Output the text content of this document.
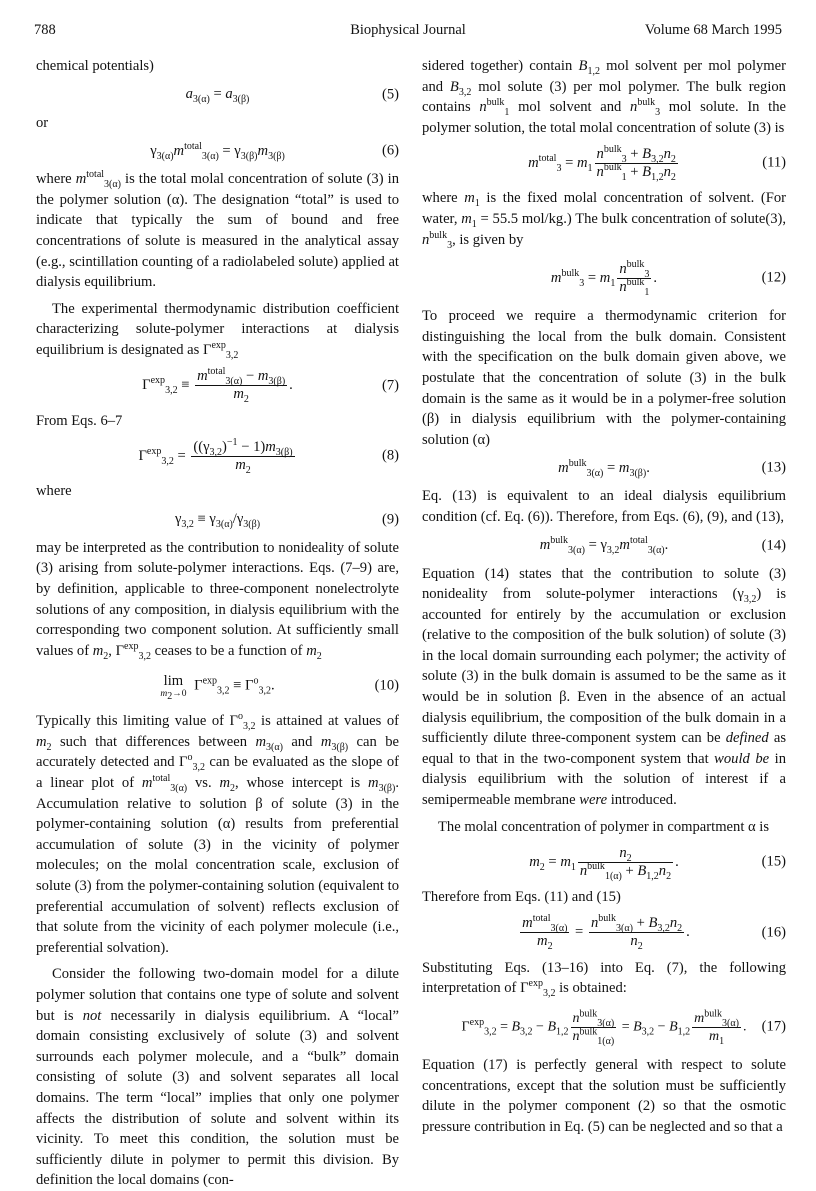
788	Biophysical Journal	Volume 68 March 1995

chemical potentials)

$a_{3(\alpha)} = a_{3(\beta)}$	(5)

or

$\gamma_{3(\alpha)}m^{total}_{3(\alpha)} = \gamma_{3(\beta)}m_{3(\beta)}$	(6)

where $m^{total}_{3(\alpha)}$ is the total molal concentration of solute (3) in the polymer solution (α). The designation “total” is used to indicate that typically the sum of bound and free concentrations of solute is measured in the analytical assay (e.g., scintillation counting of a radiolabeled solute) applied at dialysis equilibrium.

The experimental thermodynamic distribution coefficient characterizing solute-polymer interactions at dialysis equilibrium is designated as $\Gamma^{exp}_{3,2}$

$\Gamma^{exp}_{3,2} \equiv \frac{m^{total}_{3(\alpha)} - m_{3(\beta)}}{m_2}$ .	(7)

From Eqs. 6–7

$\Gamma^{exp}_{3,2} = \frac{((\gamma_{3,2})^{-1} - 1)m_{3(\beta)}}{m_2}$	(8)

where

$\gamma_{3,2} \equiv \gamma_{3(\alpha)}/\gamma_{3(\beta)}$	(9)

may be interpreted as the contribution to nonideality of solute (3) arising from solute-polymer interactions. Eqs. (7–9) are, by definition, applicable to three-component nonelectrolyte solutions of any composition, in dialysis equilibrium with the corresponding two component solution. At sufficiently small values of $m_2$, $\Gamma^{exp}_{3,2}$ ceases to be a function of $m_2$

lim
$m_2\to 0$
$\Gamma^{exp}_{3,2} \equiv \Gamma^o_{3,2}$.	(10)

Typically this limiting value of $\Gamma^o_{3,2}$ is attained at values of $m_2$ such that differences between $m_{3(\alpha)}$ and $m_{3(\beta)}$ can be accurately detected and $\Gamma^o_{3,2}$ can be evaluated as the slope of a linear plot of $m^{total}_{3(\alpha)}$ vs. $m_2$, whose intercept is $m_{3(\beta)}$. Accumulation relative to solution β of solute (3) in the polymer-containing solution (α) results from preferential accumulation of solute (3) in the vicinity of polymer molecules; on the molal concentration scale, exclusion of solute (3) from the polymer-containing solution (equivalent to preferential accumulation of solvent) reflects exclusion of that solute from the vicinity of each polymer molecule (i.e., preferential solvation).

Consider the following two-domain model for a dilute polymer solution that contains one type of solute and solvent but is not necessarily in dialysis equilibrium. A “local” domain consisting exclusively of solute (3) and solvent surrounds each polymer molecule, and a “bulk” domain consisting of solute (3) and solvent separates all local domains. The term “local” implies that only one polymer affects the distribution of solute and solvent within its vicinity. To meet this condition, the solution must be sufficiently dilute in polymer to permit this division. By definition the local domains (con-

sidered together) contain $B_{1,2}$ mol solvent per mol polymer and $B_{3,2}$ mol solute (3) per mol polymer. The bulk region contains $n^{bulk}_1$ mol solvent and $n^{bulk}_3$ mol solute. In the polymer solution, the total molal concentration of solute (3) is

$m^{total}_3 = m_1 \frac{n^{bulk}_3 + B_{3,2}n_2}{n^{bulk}_1 + B_{1,2}n_2}$	(11)

where $m_1$ is the fixed molal concentration of solvent. (For water, $m_1 = 55.5$ mol/kg.) The bulk concentration of solute(3), $n^{bulk}_3$, is given by

$m^{bulk}_3 = m_1 \frac{n^{bulk}_3}{n^{bulk}_1}$ .	(12)

To proceed we require a thermodynamic criterion for distinguishing the local from the bulk domain. Consistent with the specification on the bulk domain given above, we postulate that the concentration of solute (3) in the bulk domain is the same as it would be in a polymer-free solution (β) in dialysis equilibrium with the polymer-containing solution (α)

$m^{bulk}_{3(\alpha)} = m_{3(\beta)}$.	(13)

Eq. (13) is equivalent to an ideal dialysis equilibrium condition (cf. Eq. (6)). Therefore, from Eqs. (6), (9), and (13),

$m^{bulk}_{3(\alpha)} = \gamma_{3,2}m^{total}_{3(\alpha)}$.	(14)

Equation (14) states that the contribution to solute (3) nonideality from solute-polymer interactions $(\gamma_{3,2})$ is accounted for entirely by the accumulation or exclusion (relative to the composition of the bulk solution) of solute (3) in the local domain surrounding each polymer; the activity of solute (3) in the bulk domain is assumed to be the same as it would be in solution β. Even in the absence of an actual dialysis equilibrium, the composition of the bulk domain in a sufficiently dilute three-component system can be defined as equal to that in the two-component system that would be in dialysis equilibrium with the solution of interest if a semipermeable membrane were introduced.

The molal concentration of polymer in compartment α is

$m_2 = m_1 \frac{n_2}{n^{bulk}_{1(\alpha)} + B_{1,2}n_2}$ .	(15)

Therefore from Eqs. (11) and (15)

$\frac{m^{total}_{3(\alpha)}}{m_2} = \frac{n^{bulk}_{3(\alpha)} + B_{3,2}n_2}{n_2}$ .	(16)

Substituting Eqs. (13–16) into Eq. (7), the following interpretation of $\Gamma^{exp}_{3,2}$ is obtained:

$\Gamma^{exp}_{3,2} = B_{3,2} - B_{1,2} \frac{n^{bulk}_{3(\alpha)}}{n^{bulk}_{1(\alpha)}} = B_{3,2} - B_{1,2} \frac{m^{bulk}_{3(\alpha)}}{m_1}$ . (17)

Equation (17) is perfectly general with respect to solute concentrations, except that the solution must be sufficiently dilute in the polymer component (2) so that the osmotic pressure contribution in Eq. (5) can be neglected and so that a
